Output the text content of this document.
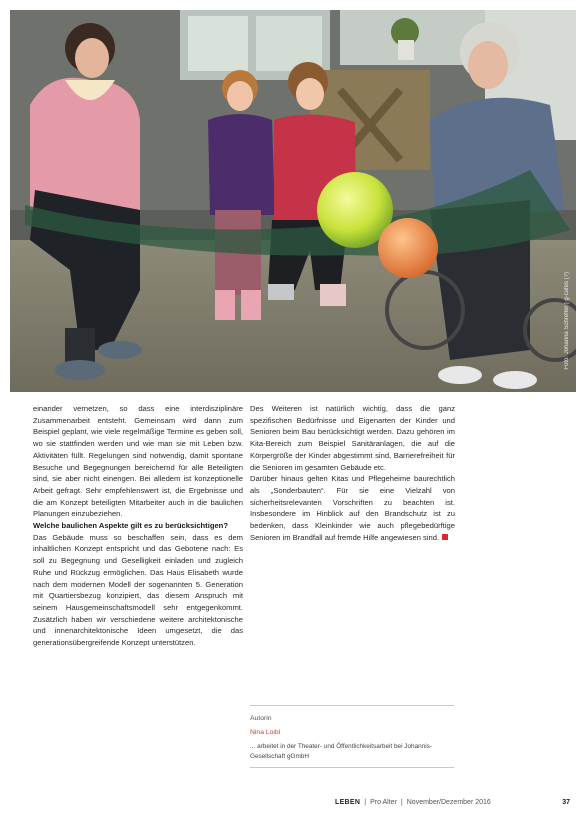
Foto: Johanna Schrefler | g-cafes (?)

einander vernetzen, so dass eine interdisziplinäre Zusammenarbeit entsteht. Gemeinsam wird dann zum Beispiel geplant, wie viele regelmäßige Termine es geben soll, wo sie stattfinden werden und wie man sie mit Leben bzw. Aktivitäten füllt. Regelungen sind notwendig, damit spontane Besuche und Begegnungen bereichernd für alle Beteiligten sind, sie aber nicht einengen. Bei alledem ist konzeptionelle Arbeit gefragt. Sehr empfehlenswert ist, die Ergebnisse und die am Konzept beteiligten Mitarbeiter auch in die baulichen Planungen einzubeziehen.

Welche baulichen Aspekte gilt es zu berücksichtigen?

Das Gebäude muss so beschaffen sein, dass es dem inhaltlichen Konzept entspricht und das Gebotene nach: Es soll zu Begegnung und Geselligkeit einladen und zugleich Ruhe und Rückzug ermöglichen. Das Haus Elisabeth wurde nach dem modernen Modell der sogenannten 5. Generation mit Quartiersbezug konzipiert, das diesem Anspruch mit seinem Hausgemeinschaftsmodell sehr entgegenkommt. Zusätzlich haben wir verschiedene weitere architektonische und innenarchitektonische Ideen umgesetzt, die das generationsübergreifende Konzept unterstützen.

Des Weiteren ist natürlich wichtig, dass die ganz spezifischen Bedürfnisse und Eigenarten der Kinder und Senioren beim Bau berücksichtigt werden. Dazu gehören im Kita-Bereich zum Beispiel Sanitäranlagen, die auf die Körpergröße der Kinder abgestimmt sind, Barrierefreiheit für die Senioren im gesamten Gebäude etc.

Darüber hinaus gelten Kitas und Pflegeheime baurechtlich als „Sonderbauten“. Für sie eine Vielzahl von sicherheitsrelevanten Vorschriften zu beachten ist. Insbesondere im Hinblick auf den Brandschutz ist zu bedenken, dass Kleinkinder wie auch pflegebedürftige Senioren im Brandfall auf fremde Hilfe angewiesen sind.

Autorin
Nina Loibl
... arbeitet in der Theater- und Öffentlichkeitsarbeit bei Johannis-Gesellschaft gGmbH
LEBEN | Pro Alter | November/Dezember 2016	37
